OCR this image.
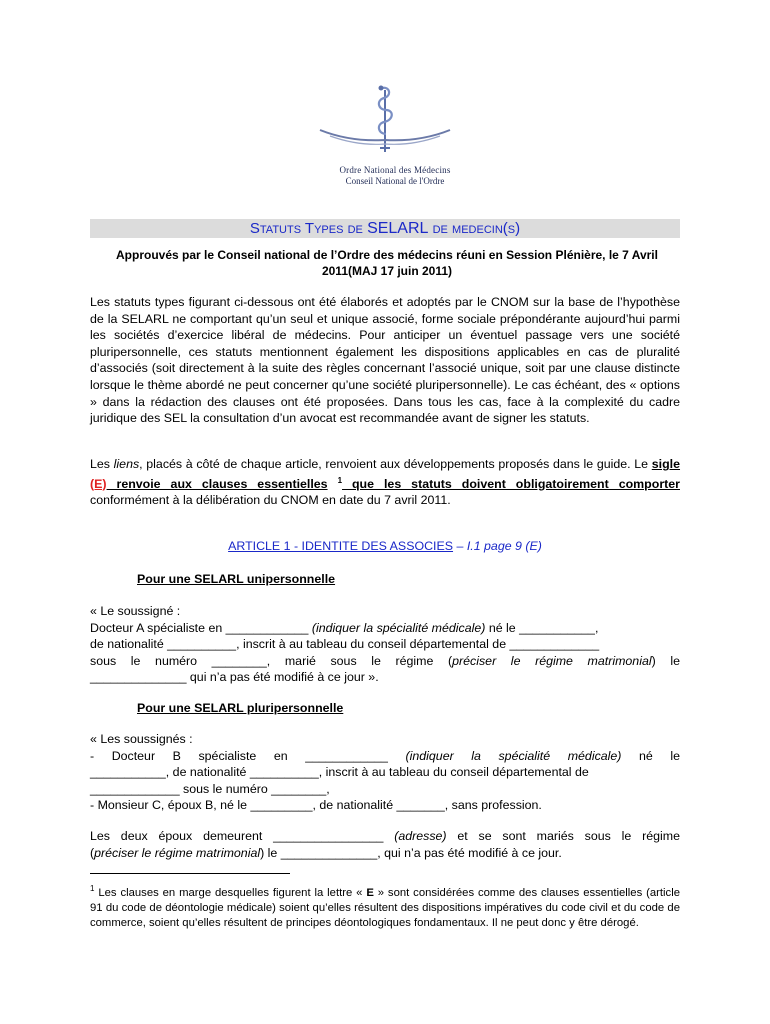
Ordre National des Médecins
Conseil National de l'Ordre
Statuts Types de SELARL de medecin(s)
Approuvés par le Conseil national de l’Ordre des médecins réuni en Session Plénière, le 7 Avril 2011(MAJ 17 juin 2011)
Les statuts types figurant ci-dessous ont été élaborés et adoptés par le CNOM sur la base de l’hypothèse de la SELARL ne comportant qu’un seul et unique associé, forme sociale prépondérante aujourd’hui parmi les sociétés d’exercice libéral de médecins. Pour anticiper un éventuel passage vers une société pluripersonnelle, ces statuts mentionnent également les dispositions applicables en cas de pluralité d’associés (soit directement à la suite des règles concernant l’associé unique, soit par une clause distincte lorsque le thème abordé ne peut concerner qu’une société pluripersonnelle). Le cas échéant, des « options » dans la rédaction des clauses ont été proposées. Dans tous les cas, face à la complexité du cadre juridique des SEL la consultation d’un avocat est recommandée avant de signer les statuts.
Les liens, placés à côté de chaque article, renvoient aux développements proposés dans le guide. Le sigle (E) renvoie aux clauses essentielles $^1$ que les statuts doivent obligatoirement comporter conformément à la délibération du CNOM en date du 7 avril 2011.
ARTICLE 1 - IDENTITE DES ASSOCIES – I.1 page 9 (E)
Pour une SELARL unipersonnelle
« Le soussigné :
Docteur A spécialiste en ____________ (indiquer la spécialité médicale) né le ___________,
de nationalité __________, inscrit à au tableau du conseil départemental de _____________
sous le numéro ________, marié sous le régime (préciser le régime matrimonial) le
______________ qui n’a pas été modifié à ce jour ».
Pour une SELARL pluripersonnelle
« Les soussignés :
- Docteur B spécialiste en ____________ (indiquer la spécialité médicale) né le
___________, de nationalité __________, inscrit à au tableau du conseil départemental de
_____________ sous le numéro ________,
- Monsieur C, époux B, né le _________, de nationalité _______, sans profession.
Les deux époux demeurent ________________ (adresse) et se sont mariés sous le régime
(préciser le régime matrimonial) le ______________, qui n’a pas été modifié à ce jour.
$^1$ Les clauses en marge desquelles figurent la lettre « E » sont considérées comme des clauses essentielles (article 91 du code de déontologie médicale) soient qu’elles résultent des dispositions impératives du code civil et du code de commerce, soient qu’elles résultent de principes déontologiques fondamentaux. Il ne peut donc y être dérogé.
